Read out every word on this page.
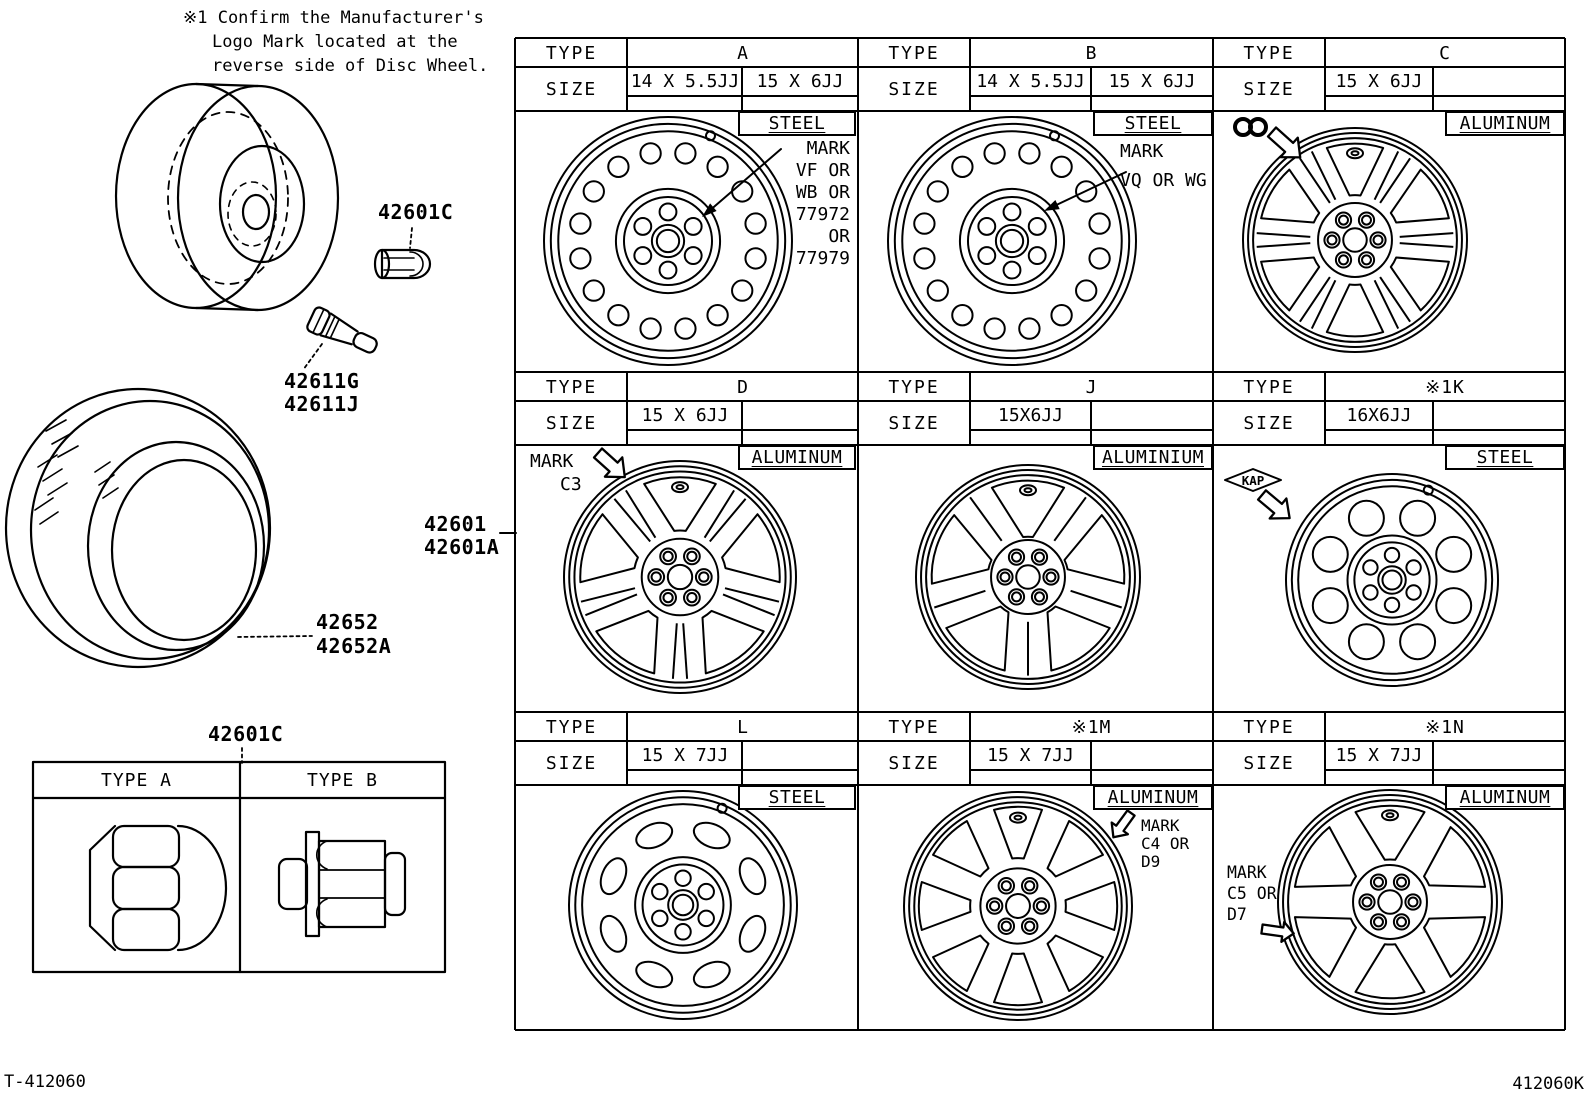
※1 Confirm the Manufacturer's
Logo Mark located at the
reverse side of Disc Wheel.
42601C
42611G
42611J
42652
42652A
42601C
42601
42601A
TYPE A	TYPE B
TYPE	A
SIZE	14 X 5.5JJ 15 X 6JJ
TYPE	B
SIZE	14 X 5.5JJ	15 X 6JJ
TYPE	C
SIZE	15 X 6JJ
TYPE	D
SIZE	15 X 6JJ
TYPE	J
SIZE	15X6JJ
TYPE	※1K
SIZE	16X6JJ
TYPE	L
SIZE	15 X 7JJ
TYPE	※1M
SIZE	15 X 7JJ
TYPE	※1N
SIZE	15 X 7JJ
STEEL	STEEL	ALUMINUM
ALUMINUM	ALUMINIUM	STEEL
STEEL	ALUMINUM	ALUMINUM
MARK
VF OR
WB OR
77972
OR
77979
MARK
VQ OR WG
MARK
C3
MARK
C4 OR
D9
MARK
C5 OR
D7
KAP
T-412060	412060K
